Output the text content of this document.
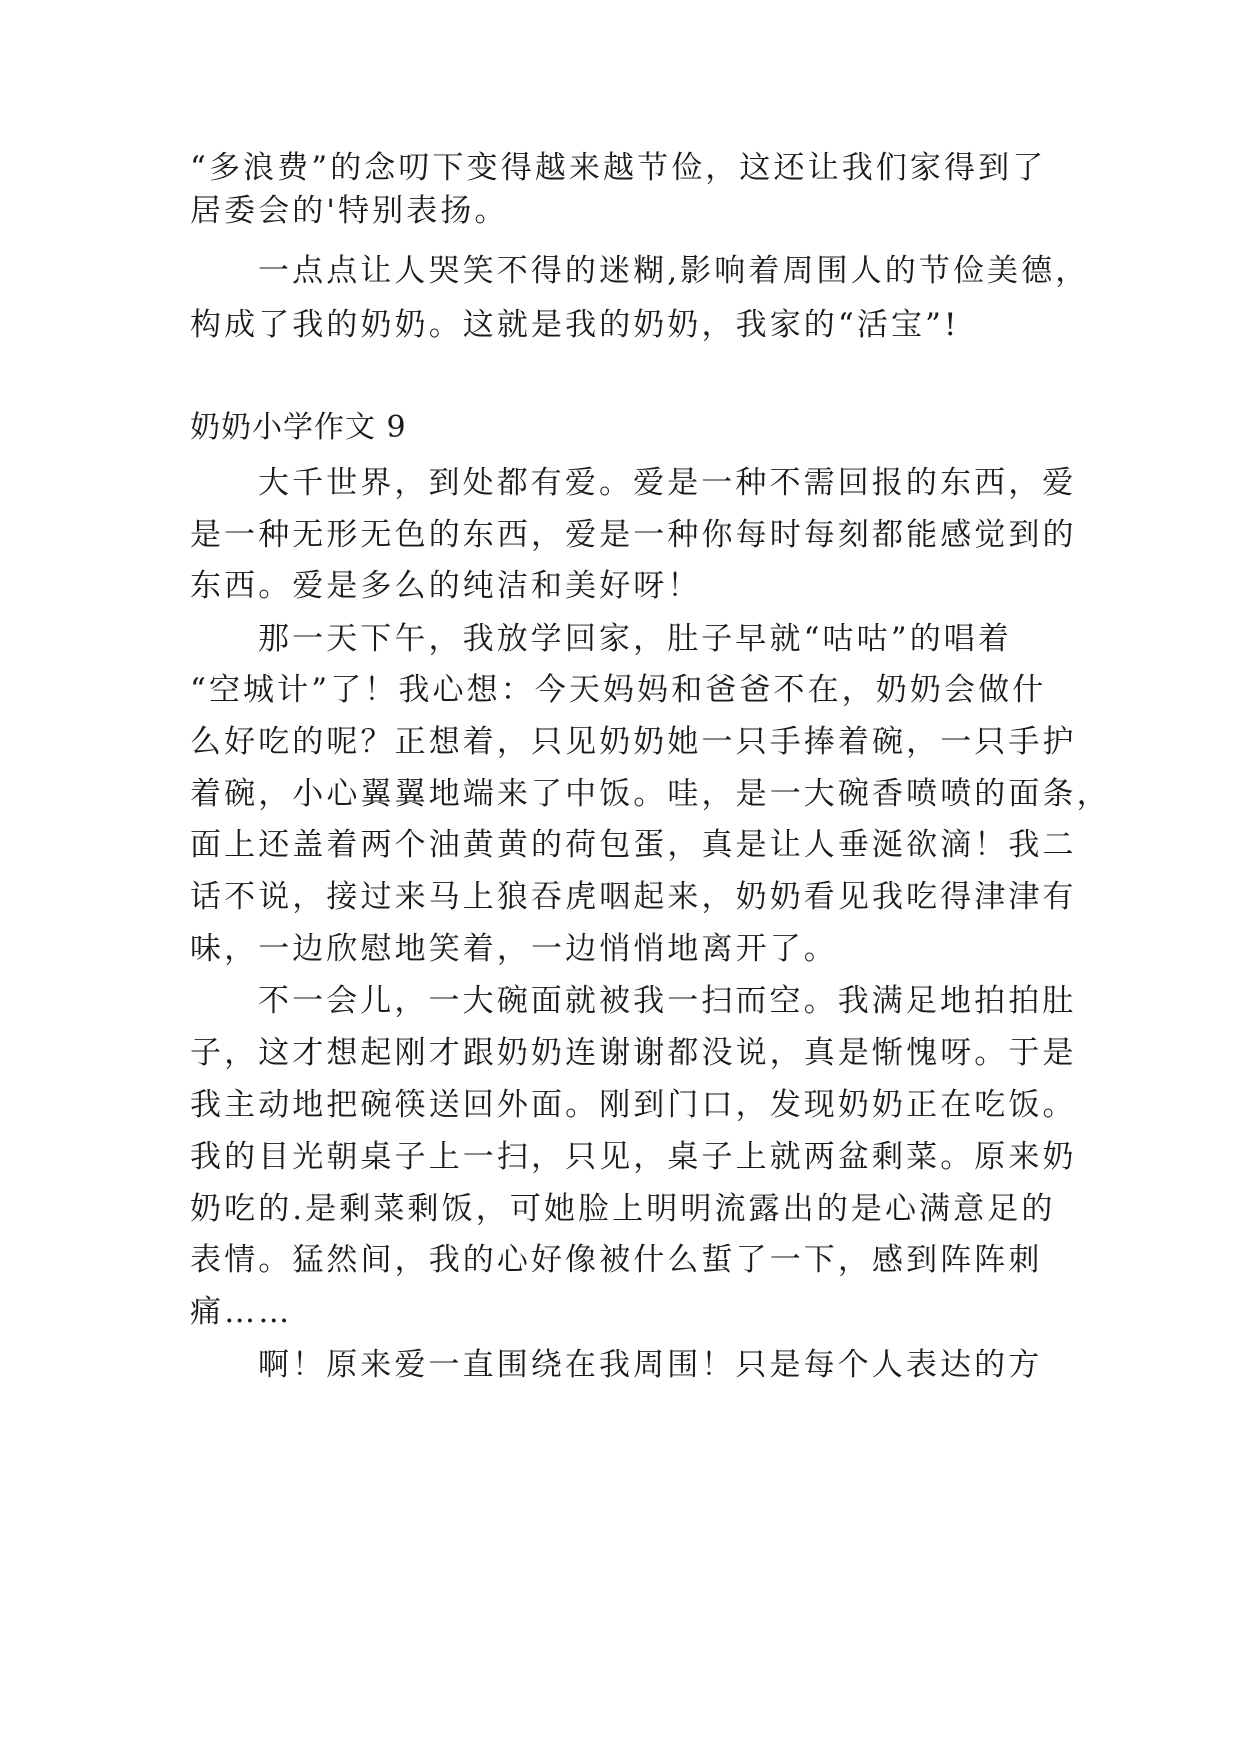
“多浪费”的念叨下变得越来越节俭，这还让我们家得到了
居委会的'特别表扬。
一点点让人哭笑不得的迷糊,影响着周围人的节俭美德，
构成了我的奶奶。这就是我的奶奶，我家的“活宝”!
奶奶小学作文 9
大千世界，到处都有爱。爱是一种不需回报的东西，爱
是一种无形无色的东西，爱是一种你每时每刻都能感觉到的
东西。爱是多么的纯洁和美好呀！
那一天下午，我放学回家，肚子早就“咕咕”的唱着
“空城计”了！我心想：今天妈妈和爸爸不在，奶奶会做什
么好吃的呢？正想着，只见奶奶她一只手捧着碗，一只手护
着碗，小心翼翼地端来了中饭。哇，是一大碗香喷喷的面条，
面上还盖着两个油黄黄的荷包蛋，真是让人垂涎欲滴！我二
话不说，接过来马上狼吞虎咽起来，奶奶看见我吃得津津有
味，一边欣慰地笑着，一边悄悄地离开了。
不一会儿，一大碗面就被我一扫而空。我满足地拍拍肚
子，这才想起刚才跟奶奶连谢谢都没说，真是惭愧呀。于是
我主动地把碗筷送回外面。刚到门口，发现奶奶正在吃饭。
我的目光朝桌子上一扫，只见，桌子上就两盆剩菜。原来奶
奶吃的.是剩菜剩饭，可她脸上明明流露出的是心满意足的
表情。猛然间，我的心好像被什么蜇了一下，感到阵阵刺
痛……
啊！原来爱一直围绕在我周围！只是每个人表达的方
